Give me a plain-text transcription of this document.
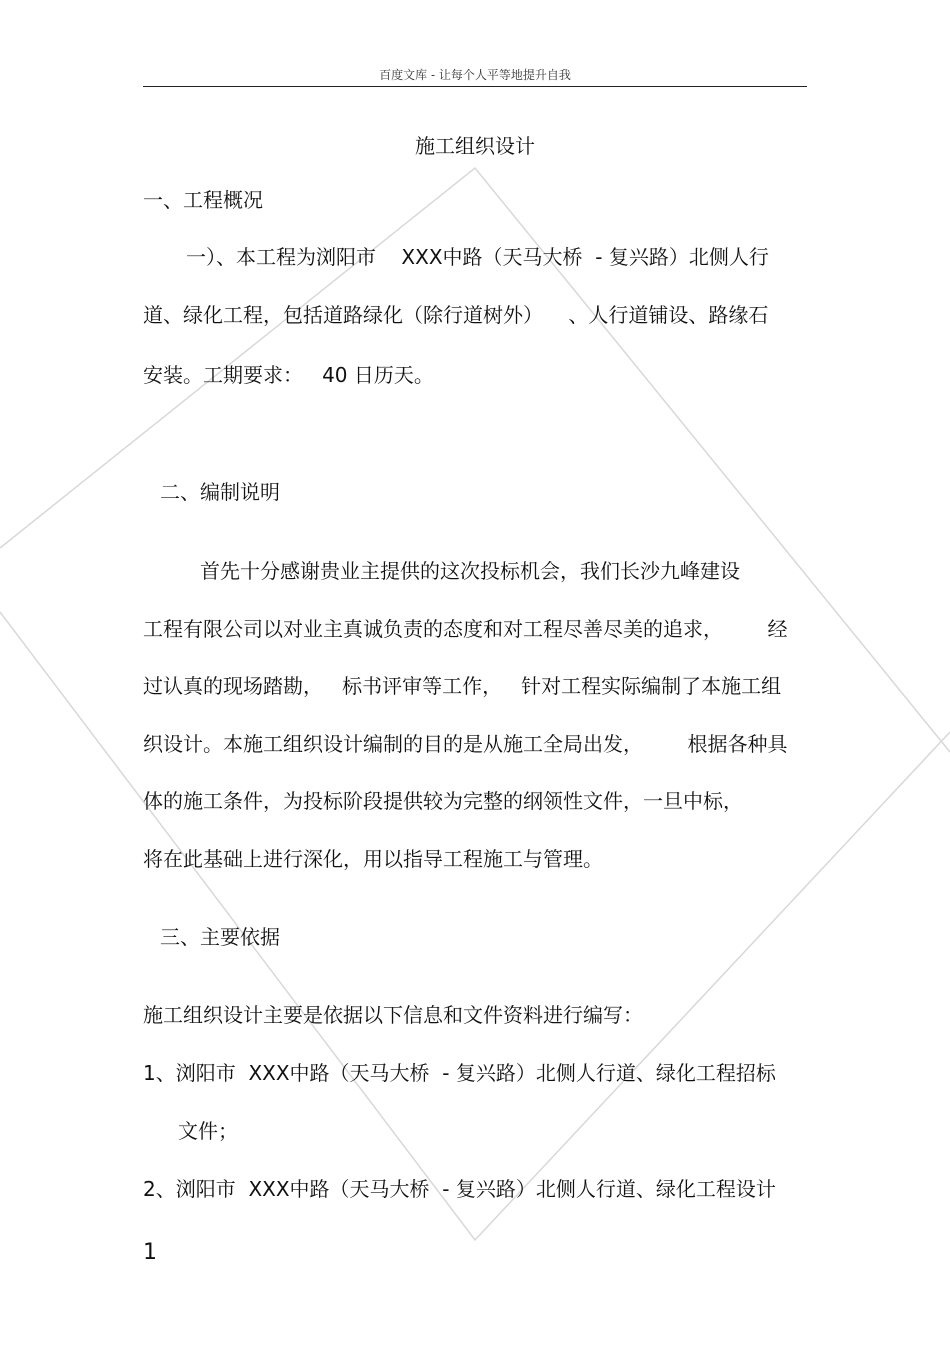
百度文库 - 让每个人平等地提升自我
施工组织设计

一、工程概况

一）、本工程为浏阳市    XXX中路（天马大桥  - 复兴路）北侧人行

道、绿化工程，包括道路绿化（除行道树外）    、人行道铺设、路缘石

安装。工期要求：   40 日历天。

二、编制说明

首先十分感谢贵业主提供的这次投标机会，我们长沙九峰建设

工程有限公司以对业主真诚负责的态度和对工程尽善尽美的追求，       经

过认真的现场踏勘，   标书评审等工作，   针对工程实际编制了本施工组

织设计。本施工组织设计编制的目的是从施工全局出发，       根据各种具

体的施工条件，为投标阶段提供较为完整的纲领性文件，一旦中标，

将在此基础上进行深化，用以指导工程施工与管理。

三、主要依据

施工组织设计主要是依据以下信息和文件资料进行编写：

1、浏阳市  XXX中路（天马大桥  - 复兴路）北侧人行道、绿化工程招标

文件；

2、浏阳市  XXX中路（天马大桥  - 复兴路）北侧人行道、绿化工程设计

1
